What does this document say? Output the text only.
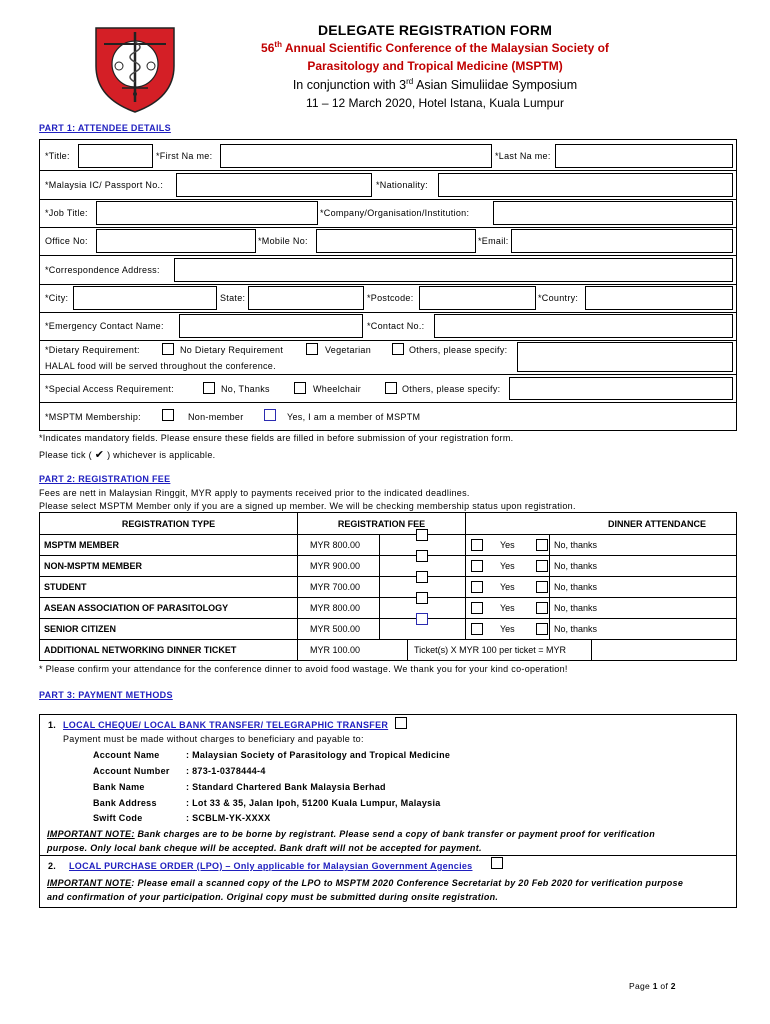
DELEGATE REGISTRATION FORM
56th Annual Scientific Conference of the Malaysian Society of
Parasitology and Tropical Medicine (MSPTM)
In conjunction with 3rd Asian Simuliidae Symposium
11 – 12 March 2020, Hotel Istana, Kuala Lumpur
PART 1: ATTENDEE DETAILS
*Title:	*First Na me:	*Last Na me:
*Malaysia IC/ Passport No.:	*Nationality:
*Job Title:	*Company/Organisation/Institution:
Office No:	*Mobile No:	*Email:
*Correspondence Address:
*City:	State:	*Postcode:	*Country:
*Emergency Contact Name:	*Contact No.:
*Dietary Requirement:	No Dietary Requirement	Vegetarian	Others, please specify:
HALAL food will be served throughout the conference.
*Special Access Requirement:	No, Thanks	Wheelchair	Others, please specify:
*MSPTM Membership:	Non-member	Yes, I am a member of MSPTM
*Indicates mandatory fields. Please ensure these fields are filled in before submission of your registration form.
Please tick ( ✔ ) whichever is applicable.
PART 2: REGISTRATION FEE
Fees are nett in Malaysian Ringgit, MYR apply to payments received prior to the indicated deadlines.
Please select MSPTM Member only if you are a signed up member. We will be checking membership status upon registration.
REGISTRATION TYPE	REGISTRATION FEE		DINNER ATTENDANCE	
MSPTM MEMBER	MYR 800.00		Yes	No, thanks

NON-MSPTM MEMBER	MYR 900.00		Yes	No, thanks

STUDENT	MYR 700.00		Yes	No, thanks

ASEAN ASSOCIATION OF PARASITOLOGY	MYR 800.00		Yes	No, thanks

SENIOR CITIZEN	MYR 500.00		Yes	No, thanks

ADDITIONAL NETWORKING DINNER TICKET	MYR 100.00	Ticket(s) X MYR 100 per ticket = MYR		
* Please confirm your attendance for the conference dinner to avoid food wastage. We thank you for your kind co-operation!
PART 3: PAYMENT METHODS
1. LOCAL CHEQUE/ LOCAL BANK TRANSFER/ TELEGRAPHIC TRANSFER
Payment must be made without charges to beneficiary and payable to:
Account Name	: Malaysian Society of Parasitology and Tropical Medicine
Account Number : 873-1-0378444-4
Bank Name	: Standard Chartered Bank Malaysia Berhad
Bank Address	: Lot 33 & 35, Jalan Ipoh, 51200 Kuala Lumpur, Malaysia
Swift Code	: SCBLM-YK-XXXX
IMPORTANT NOTE: Bank charges are to be borne by registrant. Please send a copy of bank transfer or payment proof for verification
purpose. Only local bank cheque will be accepted. Bank draft will not be accepted for payment.
2. LOCAL PURCHASE ORDER (LPO) – Only applicable for Malaysian Government Agencies
IMPORTANT NOTE: Please email a scanned copy of the LPO to MSPTM 2020 Conference Secretariat by 20 Feb 2020 for verification purpose
and confirmation of your participation. Original copy must be submitted during onsite registration.
Page 1 of 2
